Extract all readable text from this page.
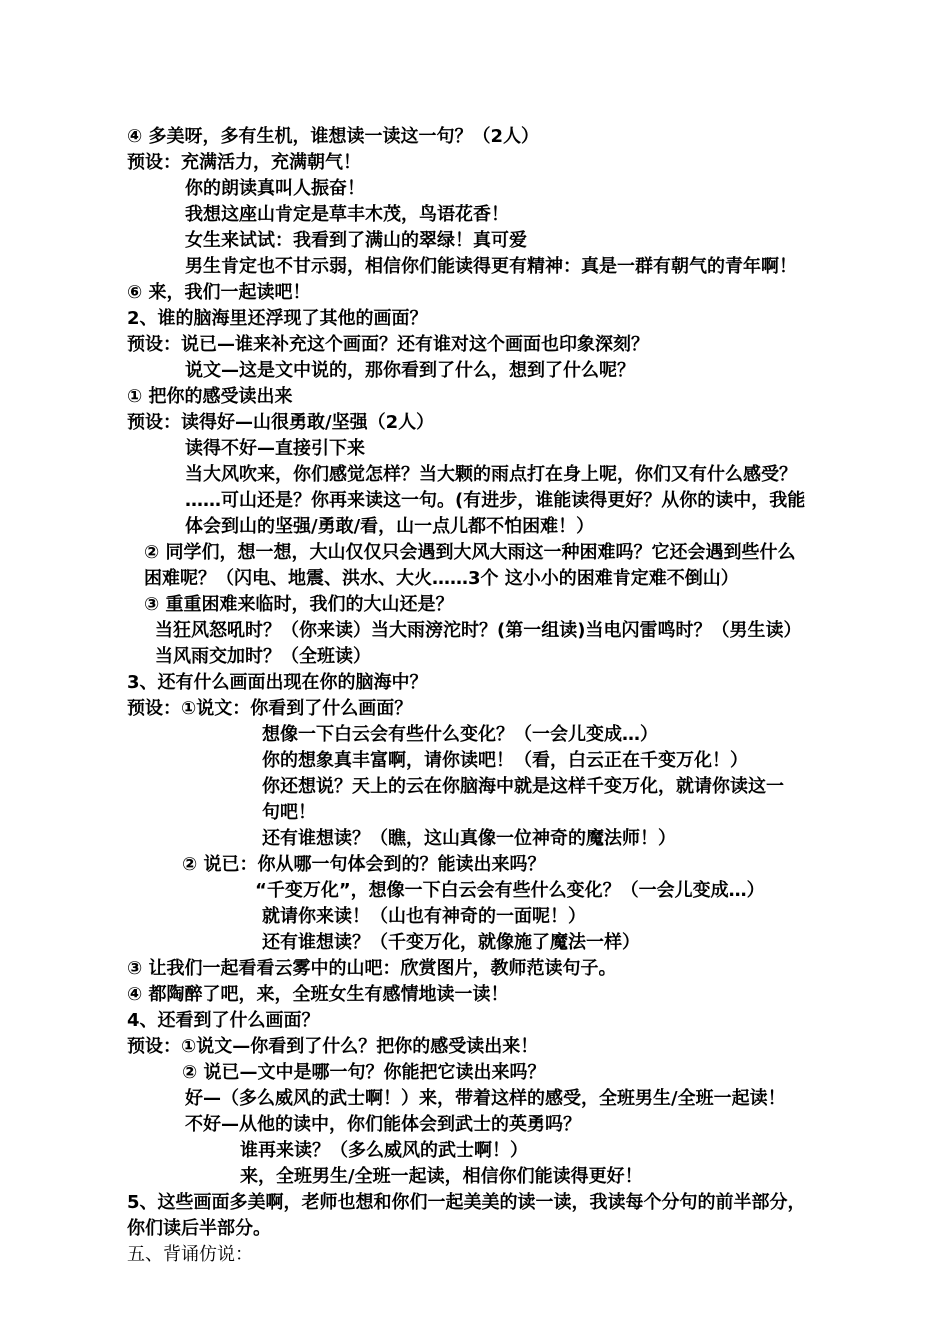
④ 多美呀，多有生机，谁想读一读这一句？（2人）
预设：充满活力，充满朝气！
你的朗读真叫人振奋！
我想这座山肯定是草丰木茂，鸟语花香！
女生来试试：我看到了满山的翠绿！真可爱
男生肯定也不甘示弱，相信你们能读得更有精神：真是一群有朝气的青年啊！
⑥ 来，我们一起读吧！
2、谁的脑海里还浮现了其他的画面？
预设：说已—谁来补充这个画面？还有谁对这个画面也印象深刻？
说文—这是文中说的，那你看到了什么，想到了什么呢？
① 把你的感受读出来
预设：读得好—山很勇敢/坚强（2人）
读得不好—直接引下来
当大风吹来，你们感觉怎样？当大颗的雨点打在身上呢，你们又有什么感受？
……可山还是？你再来读这一句。(有进步，谁能读得更好？从你的读中，我能
体会到山的坚强/勇敢/看，山一点儿都不怕困难！）
② 同学们，想一想，大山仅仅只会遇到大风大雨这一种困难吗？它还会遇到些什么
困难呢？（闪电、地震、洪水、大火……3个 这小小的困难肯定难不倒山）
③ 重重困难来临时，我们的大山还是？
当狂风怒吼时？（你来读）当大雨滂沱时？(第一组读)当电闪雷鸣时？（男生读）
当风雨交加时？（全班读）
3、还有什么画面出现在你的脑海中？
预设：①说文：你看到了什么画面？
想像一下白云会有些什么变化？（一会儿变成…）
你的想象真丰富啊，请你读吧！（看，白云正在千变万化！）
你还想说？天上的云在你脑海中就是这样千变万化，就请你读这一
句吧！
还有谁想读？（瞧，这山真像一位神奇的魔法师！）
② 说已：你从哪一句体会到的？能读出来吗？
“千变万化”，想像一下白云会有些什么变化？（一会儿变成…）
就请你来读！（山也有神奇的一面呢！）
还有谁想读？（千变万化，就像施了魔法一样）
③ 让我们一起看看云雾中的山吧：欣赏图片，教师范读句子。
④ 都陶醉了吧，来，全班女生有感情地读一读！
4、还看到了什么画面？
预设：①说文—你看到了什么？把你的感受读出来！
② 说已—文中是哪一句？你能把它读出来吗？
好—（多么威风的武士啊！）来，带着这样的感受，全班男生/全班一起读！
不好—从他的读中，你们能体会到武士的英勇吗？
谁再来读？（多么威风的武士啊！）
来，全班男生/全班一起读，相信你们能读得更好！
5、这些画面多美啊，老师也想和你们一起美美的读一读，我读每个分句的前半部分，
你们读后半部分。
五、背诵仿说：
